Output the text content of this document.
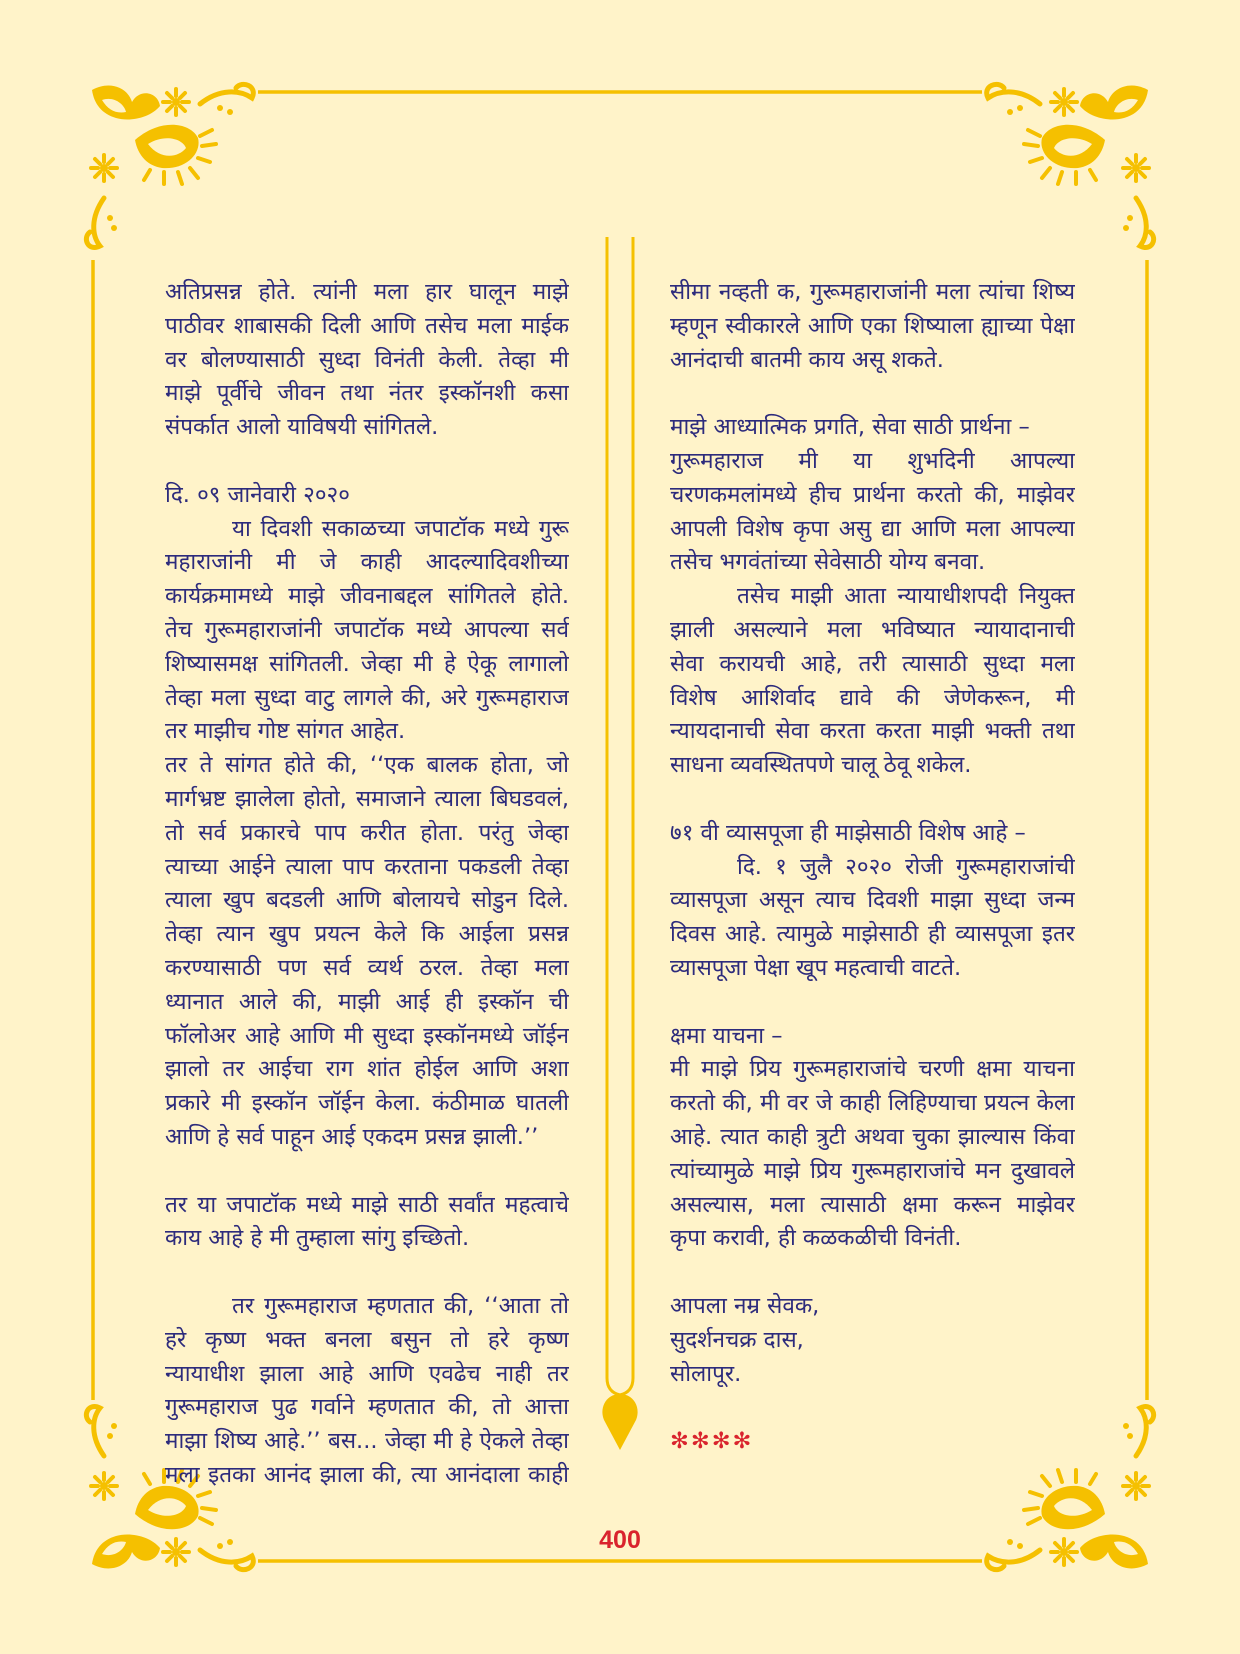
अतिप्रसन्न होते. त्यांनी मला हार घालून माझे
पाठीवर शाबासकी दिली आणि तसेच मला माईक
वर बोलण्यासाठी सुध्दा विनंती केली. तेव्हा मी
माझे पूर्वीचे जीवन तथा नंतर इस्कॉनशी कसा
संपर्कात आलो याविषयी सांगितले.
दि. ०९ जानेवारी २०२०
या दिवशी सकाळच्या जपाटॉक मध्ये गुरू
महाराजांनी मी जे काही आदल्यादिवशीच्या
कार्यक्रमामध्ये माझे जीवनाबद्दल सांगितले होते.
तेच गुरूमहाराजांनी जपाटॉक मध्ये आपल्या सर्व
शिष्यासमक्ष सांगितली. जेव्हा मी हे ऐकू लागालो
तेव्हा मला सुध्दा वाटु लागले की, अरे गुरूमहाराज
तर माझीच गोष्ट सांगत आहेत.
तर ते सांगत होते की, ‘‘एक बालक होता, जो
मार्गभ्रष्ट झालेला होतो, समाजाने त्याला बिघडवलं,
तो सर्व प्रकारचे पाप करीत होता. परंतु जेव्हा
त्याच्या आईने त्याला पाप करताना पकडली तेव्हा
त्याला खुप बदडली आणि बोलायचे सोडुन दिले.
तेव्हा त्यान खुप प्रयत्न केले कि आईला प्रसन्न
करण्यासाठी पण सर्व व्यर्थ ठरल. तेव्हा मला
ध्यानात आले की, माझी आई ही इस्कॉन ची
फॉलोअर आहे आणि मी सुध्दा इस्कॉनमध्ये जॉईन
झालो तर आईचा राग शांत होईल आणि अशा
प्रकारे मी इस्कॉन जॉईन केला. कंठीमाळ घातली
आणि हे सर्व पाहून आई एकदम प्रसन्न झाली.’’
तर या जपाटॉक मध्ये माझे साठी सर्वांत महत्वाचे
काय आहे हे मी तुम्हाला सांगु इच्छितो.
तर गुरूमहाराज म्हणतात की, ‘‘आता तो
हरे कृष्ण भक्त बनला बसुन तो हरे कृष्ण
न्यायाधीश झाला आहे आणि एवढेच नाही तर
गुरूमहाराज पुढ गर्वाने म्हणतात की, तो आत्ता
माझा शिष्य आहे.’’ बस... जेव्हा मी हे ऐकले तेव्हा
मला इतका आनंद झाला की, त्या आनंदाला काही
सीमा नव्हती क, गुरूमहाराजांनी मला त्यांचा शिष्य
म्हणून स्वीकारले आणि एका शिष्याला ह्याच्या पेक्षा
आनंदाची बातमी काय असू शकते.
माझे आध्यात्मिक प्रगति, सेवा साठी प्रार्थना –
गुरूमहाराज मी या शुभदिनी आपल्या
चरणकमलांमध्ये हीच प्रार्थना करतो की, माझेवर
आपली विशेष कृपा असु द्या आणि मला आपल्या
तसेच भगवंतांच्या सेवेसाठी योग्य बनवा.
तसेच माझी आता न्यायाधीशपदी नियुक्त
झाली असल्याने मला भविष्यात न्यायादानाची
सेवा करायची आहे, तरी त्यासाठी सुध्दा मला
विशेष आशिर्वाद द्यावे की जेणेकरून, मी
न्यायदानाची सेवा करता करता माझी भक्ती तथा
साधना व्यवस्थितपणे चालू ठेवू शकेल.
७१ वी व्यासपूजा ही माझेसाठी विशेष आहे –
दि. १ जुलै २०२० रोजी गुरूमहाराजांची
व्यासपूजा असून त्याच दिवशी माझा सुध्दा जन्म
दिवस आहे. त्यामुळे माझेसाठी ही व्यासपूजा इतर
व्यासपूजा पेक्षा खूप महत्वाची वाटते.
क्षमा याचना –
मी माझे प्रिय गुरूमहाराजांचे चरणी क्षमा याचना
करतो की, मी वर जे काही लिहिण्याचा प्रयत्न केला
आहे. त्यात काही त्रुटी अथवा चुका झाल्यास किंवा
त्यांच्यामुळे माझे प्रिय गुरूमहाराजांचे मन दुखावले
असल्यास, मला त्यासाठी क्षमा करून माझेवर
कृपा करावी, ही कळकळीची विनंती.
आपला नम्र सेवक,
सुदर्शनचक्र दास,
सोलापूर.
✻✻✻✻
400
